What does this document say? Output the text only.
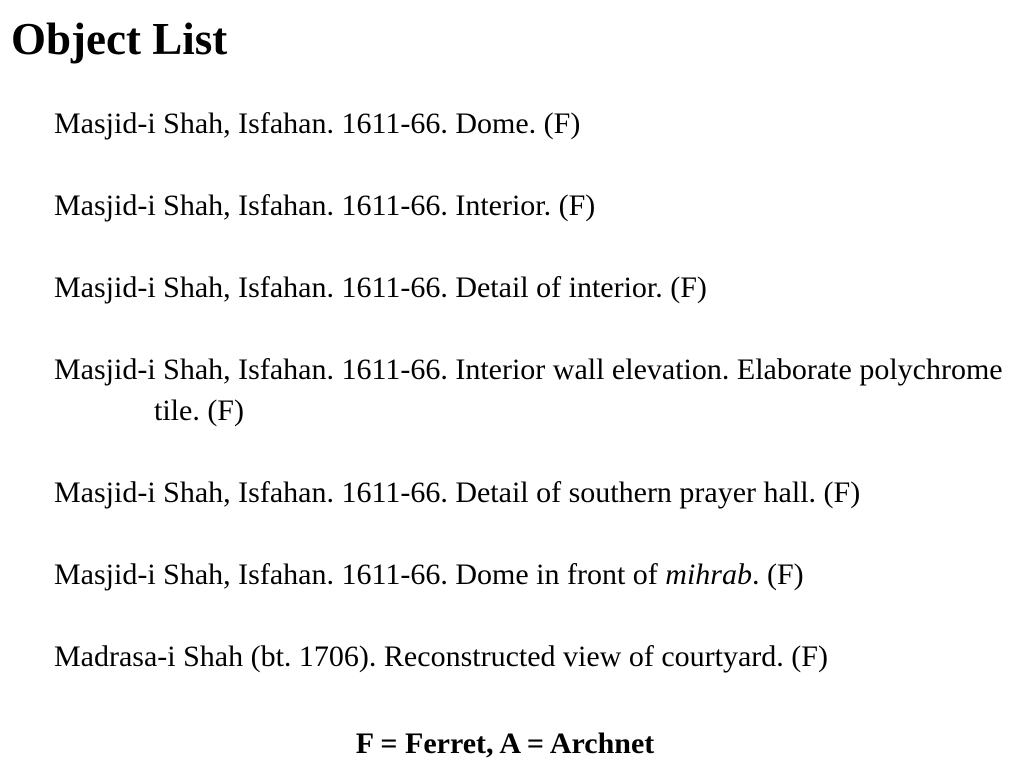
Object List
Masjid-i Shah, Isfahan. 1611-66. Dome. (F)
Masjid-i Shah, Isfahan. 1611-66. Interior. (F)
Masjid-i Shah, Isfahan. 1611-66. Detail of interior. (F)
Masjid-i Shah, Isfahan. 1611-66. Interior wall elevation. Elaborate polychrome tile. (F)
Masjid-i Shah, Isfahan. 1611-66. Detail of southern prayer hall. (F)
Masjid-i Shah, Isfahan. 1611-66. Dome in front of mihrab. (F)
Madrasa-i Shah (bt. 1706). Reconstructed view of courtyard. (F)

F = Ferret, A = Archnet
